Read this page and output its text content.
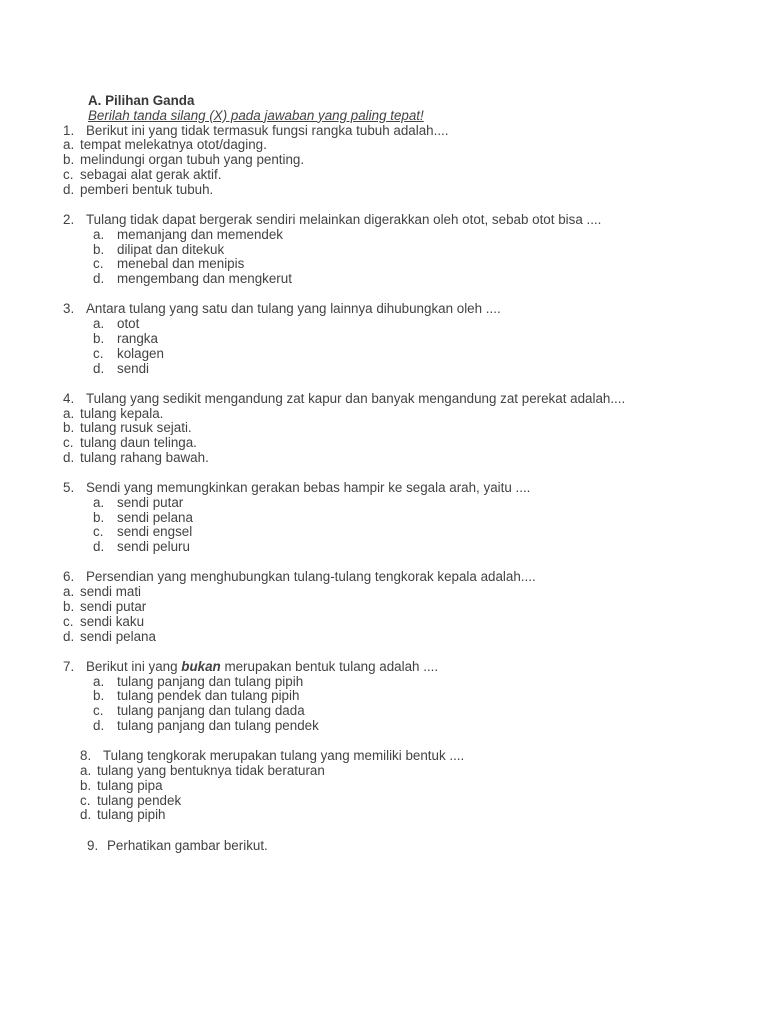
A. Pilihan Ganda
Berilah tanda silang (X) pada jawaban yang paling tepat!
1. Berikut ini yang tidak termasuk fungsi rangka tubuh adalah....
a. tempat melekatnya otot/daging.
b. melindungi organ tubuh yang penting.
c. sebagai alat gerak aktif.
d. pemberi bentuk tubuh.
2. Tulang tidak dapat bergerak sendiri melainkan digerakkan oleh otot, sebab otot bisa ....
a. memanjang dan memendek
b. dilipat dan ditekuk
c.	menebal dan menipis
d. mengembang dan mengkerut
3. Antara tulang yang satu dan tulang yang lainnya dihubungkan oleh ....
a. otot
b. rangka
c.	kolagen
d. sendi
4. Tulang yang sedikit mengandung zat kapur dan banyak mengandung zat perekat adalah....
a. tulang kepala.
b. tulang rusuk sejati.
c. tulang daun telinga.
d. tulang rahang bawah.
5. Sendi yang memungkinkan gerakan bebas hampir ke segala arah, yaitu ....
a. sendi putar
b. sendi pelana
c.	sendi engsel
d. sendi peluru
6. Persendian yang menghubungkan tulang-tulang tengkorak kepala adalah....
a. sendi mati
b. sendi putar
c. sendi kaku
d. sendi pelana
7. Berikut ini yang bukan merupakan bentuk tulang adalah ....
a. tulang panjang dan tulang pipih
b. tulang pendek dan tulang pipih
c.	tulang panjang dan tulang dada
d. tulang panjang dan tulang pendek
8. Tulang tengkorak merupakan tulang yang memiliki bentuk ....
a. tulang yang bentuknya tidak beraturan
b. tulang pipa
c. tulang pendek
d. tulang pipih
9. Perhatikan gambar berikut.
